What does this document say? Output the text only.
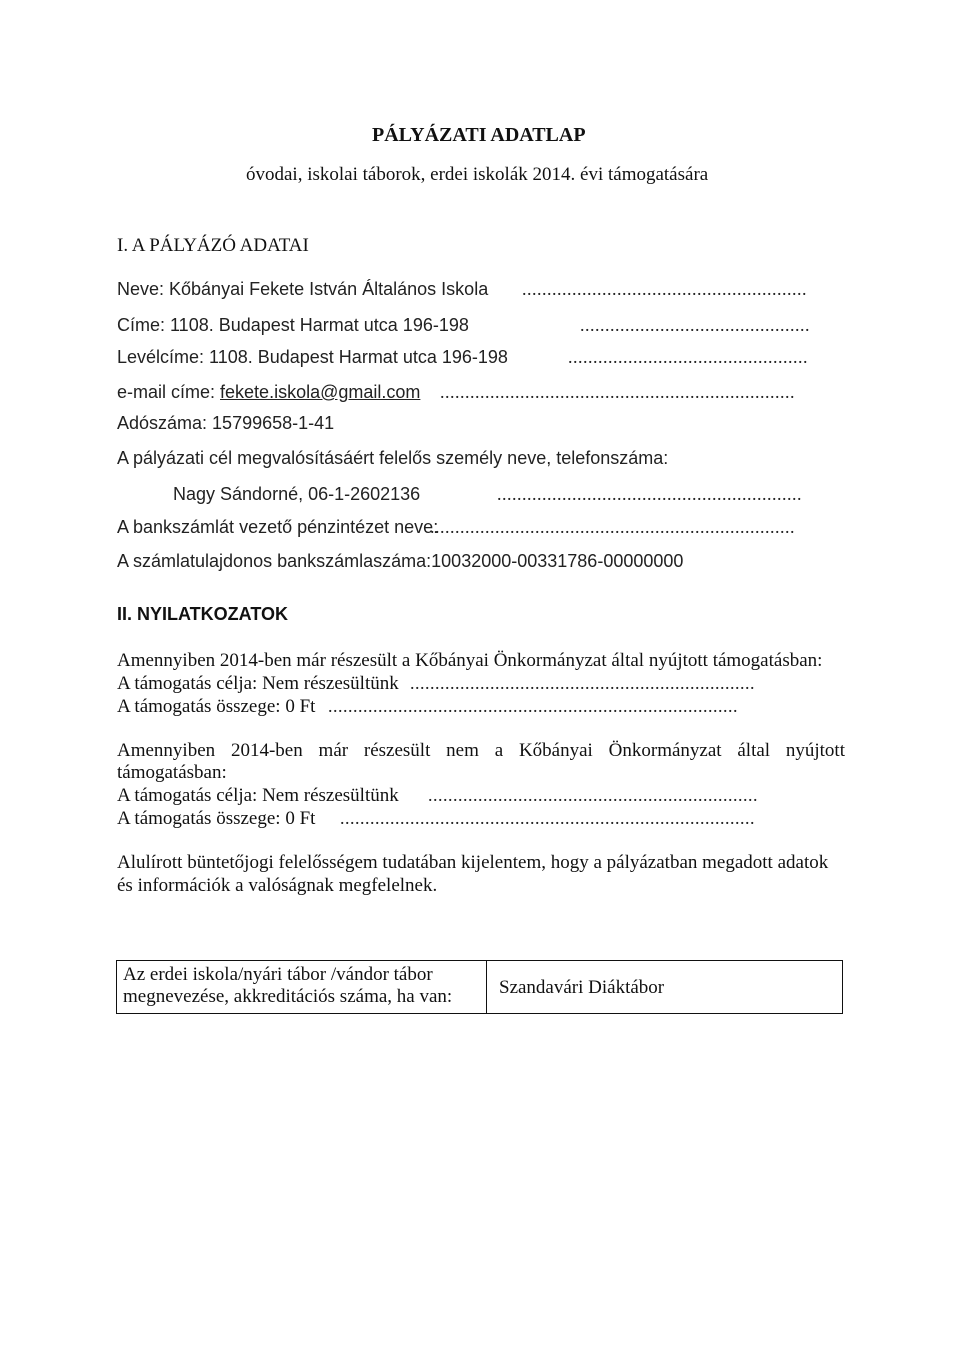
PÁLYÁZATI ADATLAP
óvodai, iskolai táborok, erdei iskolák 2014. évi támogatására
I. A PÁLYÁZÓ ADATAI
Neve: Kőbányai Fekete István Általános Iskola .........................................................
Címe: 1108. Budapest Harmat utca 196-198	..............................................
Levélcíme: 1108. Budapest Harmat utca 196-198	................................................
e-mail címe: fekete.iskola@gmail.com .......................................................................
Adószáma: 15799658-1-41
A pályázati cél megvalósításáért felelős személy neve, telefonszáma:
Nagy Sándorné, 06-1-2602136	.............................................................
A bankszámlát vezető pénzintézet neve:
.........................................................................
A számlatulajdonos bankszámlaszáma:10032000-00331786-00000000
II. NYILATKOZATOK
Amennyiben 2014-ben már részesült a Kőbányai Önkormányzat által nyújtott támogatásban:
A támogatás célja: Nem részesültünk .....................................................................
A támogatás összege: 0 Ft ..................................................................................
Amennyiben 2014-ben már részesült nem a Kőbányai Önkormányzat által nyújtott
támogatásban:
A támogatás célja: Nem részesültünk ..................................................................
A támogatás összege: 0 Ft ...................................................................................
Alulírott büntetőjogi felelősségem tudatában kijelentem, hogy a pályázatban megadott adatok és információk a valóságnak megfelelnek.
Az erdei iskola/nyári tábor /vándor tábor megnevezése, akkreditációs száma, ha van:	Szandavári Diáktábor
